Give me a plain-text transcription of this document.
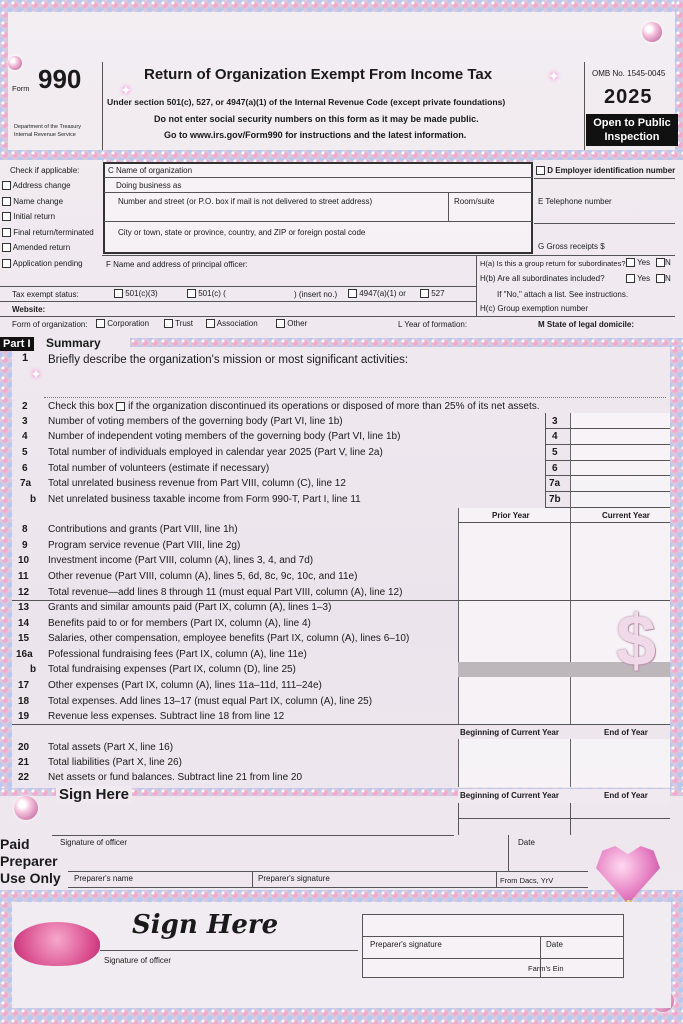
✦
✦
✦
Form 990
Department of the Treasury
Internal Revenue Service
Return of Organization Exempt From Income Tax
Under section 501(c), 527, or 4947(a)(1) of the Internal Revenue Code (except private foundations)
Do not enter social security numbers on this form as it may be made public.
Go to www.irs.gov/Form990 for instructions and the latest information.
OMB No. 1545-0045
2025
Open to Public
Inspection
Check if applicable:
Address change
Name change
Initial return
Final return/terminated
Amended return
Application pending
C Name of organization
Doing business as
Number and street (or P.O. box if mail is not delivered to street address)	Room/suite
City or town, state or province, country, and ZIP or foreign postal code
D Employer identification number
E Telephone number
G Gross receipts $
F Name and address of principal officer:	H(a) Is this a group return for subordinates?	Yes	N
H(b) Are all subordinates included?	Yes	N
If "No," attach a list. See instructions.
H(c) Group exemption number
Tax exempt status:	501(c)(3)	501(c) (	) (insert no.)	4947(a)(1) or	527
Website:
Form of organization:	Corporation	Trust	Association	Other	L Year of formation:	M State of legal domicile:
Part I Summary
1 Briefly describe the organization's mission or most significant activities:
2 Check this box if the organization discontinued its operations or disposed of more than 25% of its net assets.
3 Number of voting members of the governing body (Part VI, line 1b)	3
4 Number of independent voting members of the governing body (Part VI, line 1b)	4
5 Total number of individuals employed in calendar year 2025 (Part V, line 2a)	5
6 Total number of volunteers (estimate if necessary)	6
7a Total unrelated business revenue from Part VIII, column (C), line 12	7a
b Net unrelated business taxable income from Form 990-T, Part I, line 11	7b
Prior Year	Current Year
8 Contributions and grants (Part VIII, line 1h)
9 Program service revenue (Part VIII, line 2g)
10 Investment income (Part VIII, column (A), lines 3, 4, and 7d)
11 Other revenue (Part VIII, column (A), lines 5, 6d, 8c, 9c, 10c, and 11e)
12 Total revenue—add lines 8 through 11 (must equal Part VIII, column (A), line 12)
13 Grants and similar amounts paid (Part IX, column (A), lines 1–3)
14 Benefits paid to or for members (Part IX, column (A), line 4)
15 Salaries, other compensation, employee benefits (Part IX, column (A), lines 6–10)
16a Pofessional fundraising fees (Part IX, column (A), line 11e)
b Total fundraising expenses (Part IX, column (D), line 25)
17 Other expenses (Part IX, column (A), lines 11a–11d, 111–24e)
18 Total expenses. Add lines 13–17 (must equal Part IX, column (A), line 25)
19 Revenue less expenses. Subtract line 18 from line 12
Beginning of Current Year	End of Year
20 Total assets (Part X, line 16)
21 Total liabilities (Part X, line 26)
22 Net assets or fund balances. Subtract line 21 from line 20
$
Sign Here	Beginning of Current Year	End of Year
Signature of officer	Date
Paid
Preparer
Use Only Preparer's name	Preparer's signature	From Dacs, YrV
Sign Here
Signature of officer
Preparer's signature	Date
Farm's Ein
